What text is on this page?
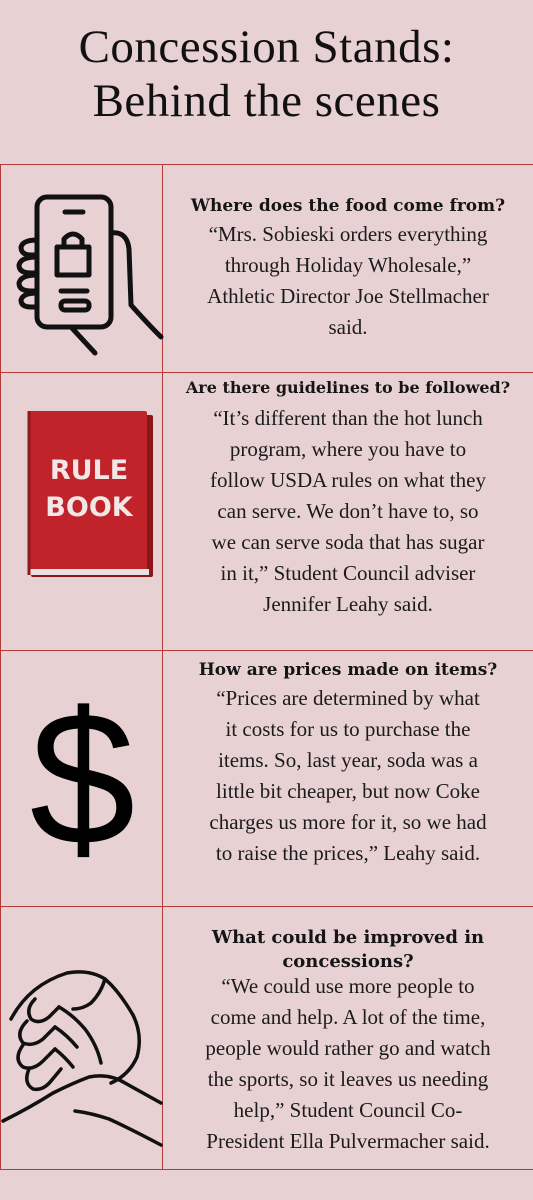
Concession Stands:
Behind the scenes
Where does the food come from?
“Mrs. Sobieski orders everything
through Holiday Wholesale,”
Athletic Director Joe Stellmacher
said.
RULE
BOOK
Are there guidelines to be followed?
“It’s different than the hot lunch
program, where you have to
follow USDA rules on what they
can serve. We don’t have to, so
we can serve soda that has sugar
in it,” Student Council adviser
Jennifer Leahy said.
$
How are prices made on items?
“Prices are determined by what
it costs for us to purchase the
items. So, last year, soda was a
little bit cheaper, but now Coke
charges us more for it, so we had
to raise the prices,” Leahy said.
What could be improved in
concessions?
“We could use more people to
come and help. A lot of the time,
people would rather go and watch
the sports, so it leaves us needing
help,” Student Council Co-
President Ella Pulvermacher said.
